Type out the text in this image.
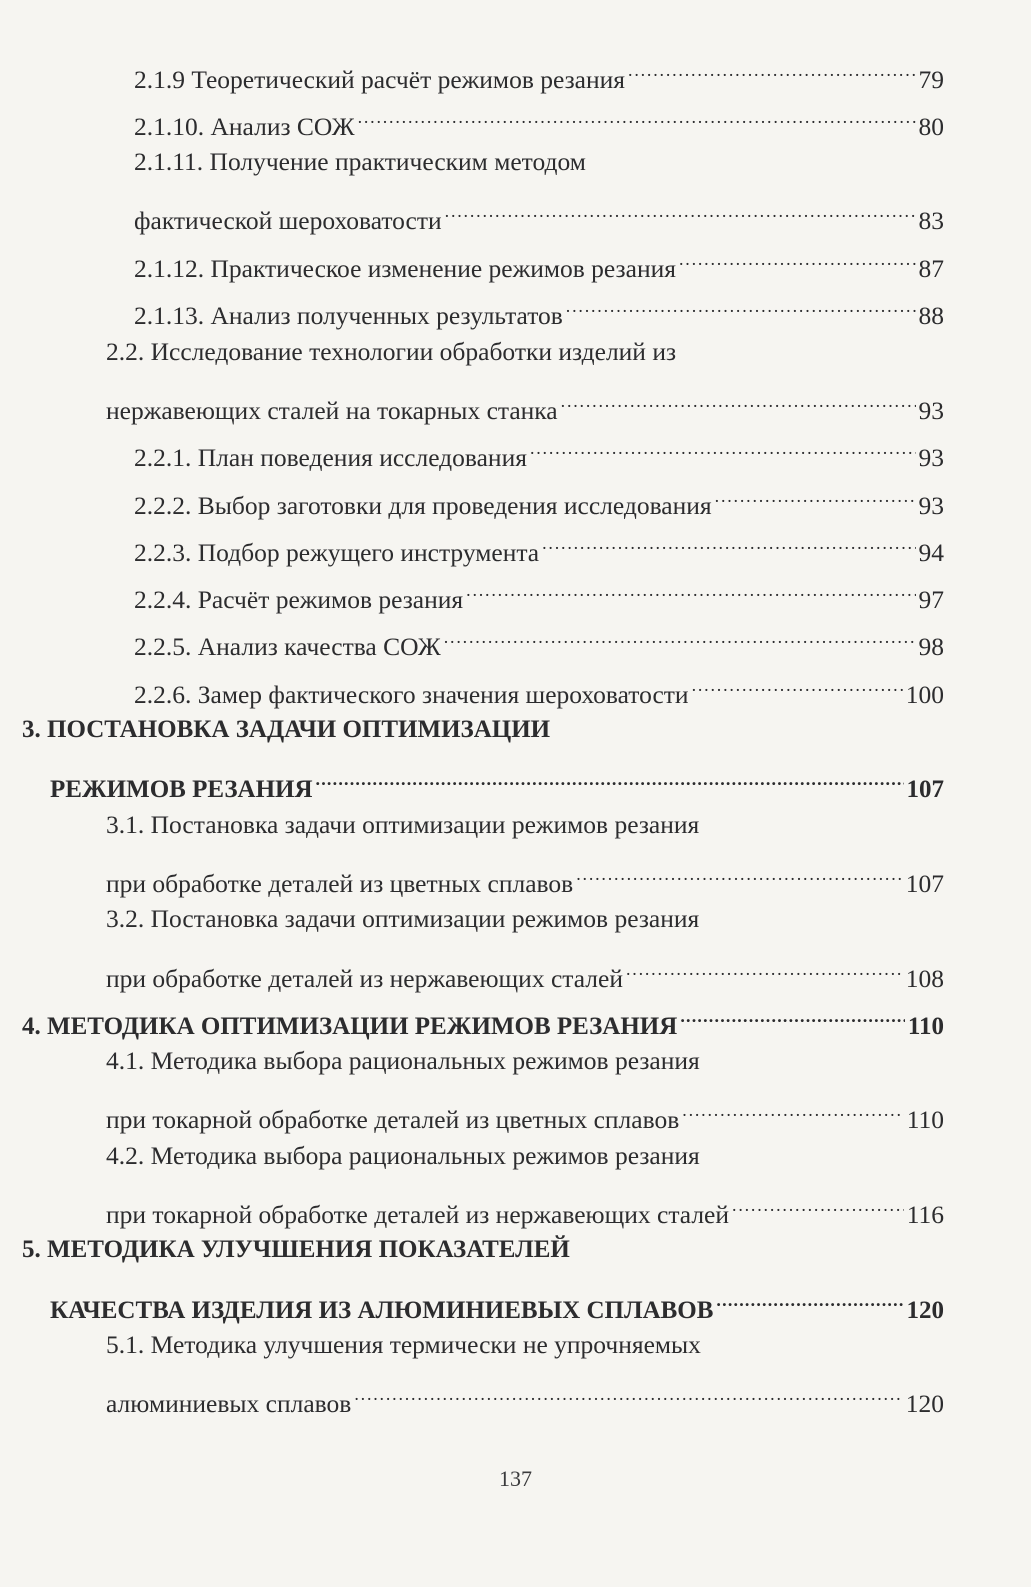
2.1.9 Теоретический расчёт режимов резания .....	79
2.1.10. Анализ СОЖ .....	80
2.1.11. Получение практическим методом
фактической шероховатости .....	83
2.1.12. Практическое изменение режимов резания .....	87
2.1.13. Анализ полученных результатов .....	88
2.2. Исследование технологии обработки изделий из
нержавеющих сталей на токарных станка .....	93
2.2.1. План поведения исследования .....	93
2.2.2. Выбор заготовки для проведения исследования .....	93
2.2.3. Подбор режущего инструмента .....	94
2.2.4. Расчёт режимов резания .....	97
2.2.5. Анализ качества СОЖ .....	98
2.2.6. Замер фактического значения шероховатости .....	100
3. ПОСТАНОВКА ЗАДАЧИ ОПТИМИЗАЦИИ
РЕЖИМОВ РЕЗАНИЯ .....	107
3.1. Постановка задачи оптимизации режимов резания
при обработке деталей из цветных сплавов .....	107
3.2. Постановка задачи оптимизации режимов резания
при обработке деталей из нержавеющих сталей .....	108
4. МЕТОДИКА ОПТИМИЗАЦИИ РЕЖИМОВ РЕЗАНИЯ .....	110
4.1. Методика выбора рациональных режимов резания
при токарной обработке деталей из цветных сплавов .....	110
4.2. Методика выбора рациональных режимов резания
при токарной обработке деталей из нержавеющих сталей .....	116
5. МЕТОДИКА УЛУЧШЕНИЯ ПОКАЗАТЕЛЕЙ
КАЧЕСТВА ИЗДЕЛИЯ ИЗ АЛЮМИНИЕВЫХ СПЛАВОВ .....	120
5.1. Методика улучшения термически не упрочняемых
алюминиевых сплавов .....	120
137
